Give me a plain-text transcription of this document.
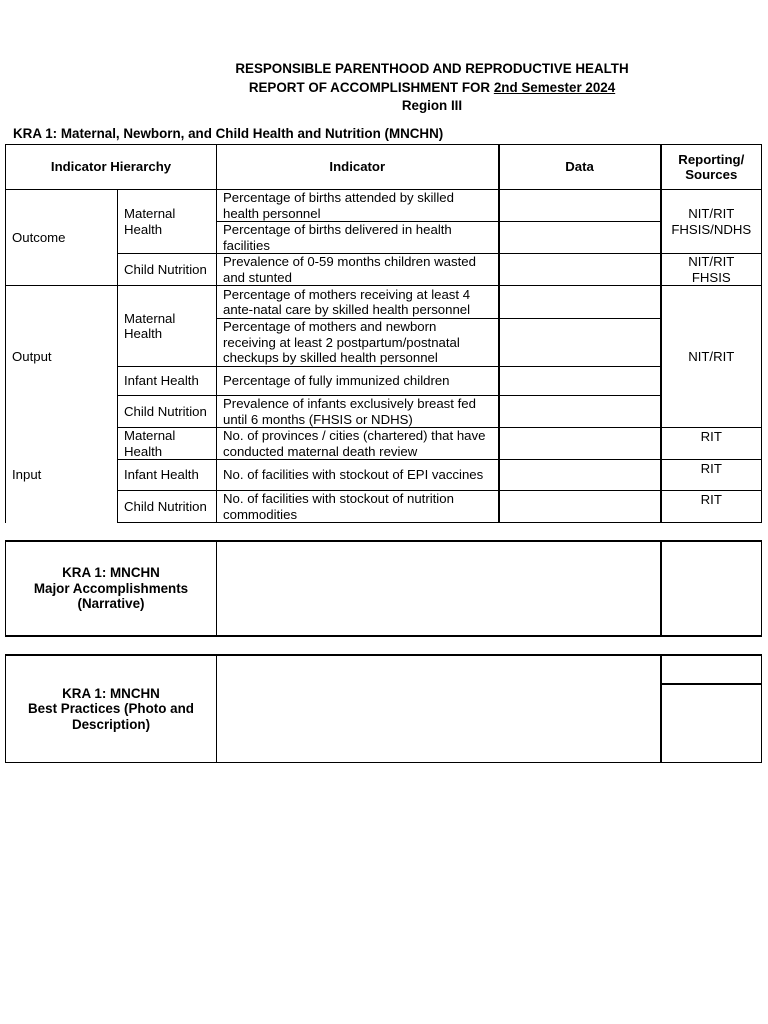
RESPONSIBLE PARENTHOOD AND REPRODUCTIVE HEALTH
REPORT OF ACCOMPLISHMENT FOR 2nd Semester 2024
Region III
KRA 1: Maternal, Newborn, and Child Health and Nutrition (MNCHN)
Indicator Hierarchy		Indicator	Data	Reporting/ Sources
Outcome	Maternal Health	Percentage of births attended by skilled health personnel		NIT/RIT FHSIS/NDHS
		Percentage of births delivered in health facilities		
	Child Nutrition	Prevalence of 0-59 months children wasted and stunted		NIT/RIT FHSIS
Output	Maternal Health	Percentage of mothers receiving at least 4 ante-natal care by skilled health personnel		NIT/RIT
		Percentage of mothers and newborn receiving at least 2 postpartum/postnatal checkups by skilled health personnel		
	Infant Health	Percentage of fully immunized children		
	Child Nutrition	Prevalence of infants exclusively breast fed until 6 months (FHSIS or NDHS)		
Input	Maternal Health	No. of provinces / cities (chartered) that have conducted maternal death review		RIT
	Infant Health	No. of facilities with stockout of EPI vaccines		RIT
	Child Nutrition	No. of facilities with stockout of nutrition commodities		RIT
KRA 1: MNCHN
Major Accomplishments
(Narrative)

KRA 1: MNCHN
Best Practices (Photo and
Description)
